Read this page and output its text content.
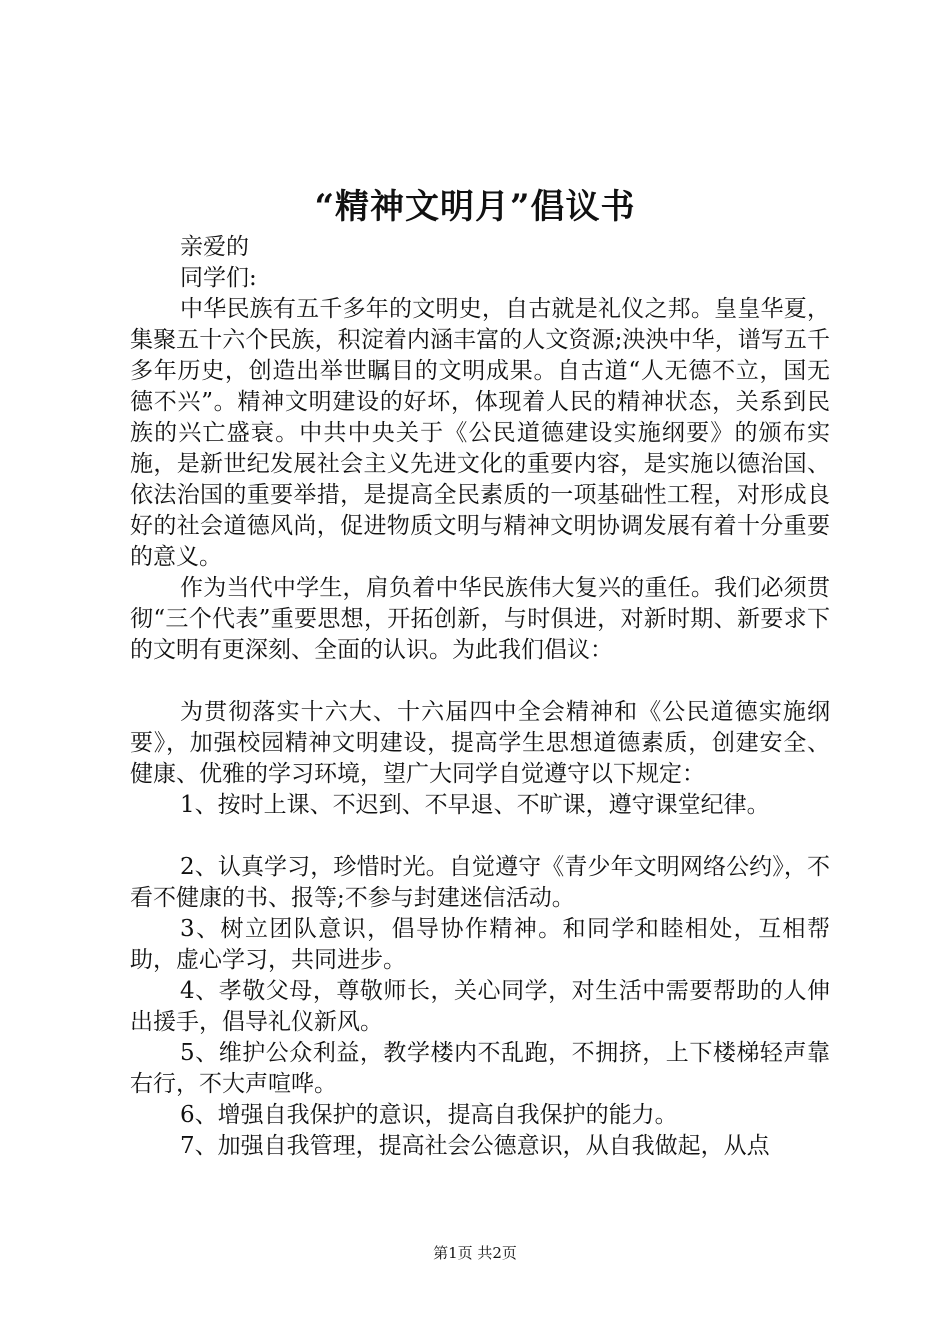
“精神文明月”倡议书

亲爱的

同学们:

中华民族有五千多年的文明史，自古就是礼仪之邦。皇皇华夏，集聚五十六个民族，积淀着内涵丰富的人文资源;泱泱中华，谱写五千多年历史，创造出举世瞩目的文明成果。自古道“人无德不立，国无德不兴”。精神文明建设的好坏，体现着人民的精神状态，关系到民族的兴亡盛衰。中共中央关于《公民道德建设实施纲要》的颁布实施，是新世纪发展社会主义先进文化的重要内容，是实施以德治国、依法治国的重要举措，是提高全民素质的一项基础性工程，对形成良好的社会道德风尚，促进物质文明与精神文明协调发展有着十分重要的意义。

作为当代中学生，肩负着中华民族伟大复兴的重任。我们必须贯彻“三个代表”重要思想，开拓创新，与时俱进，对新时期、新要求下的文明有更深刻、全面的认识。为此我们倡议：

为贯彻落实十六大、十六届四中全会精神和《公民道德实施纲要》，加强校园精神文明建设，提高学生思想道德素质，创建安全、健康、优雅的学习环境，望广大同学自觉遵守以下规定：

1、按时上课、不迟到、不早退、不旷课，遵守课堂纪律。

2、认真学习，珍惜时光。自觉遵守《青少年文明网络公约》，不看不健康的书、报等;不参与封建迷信活动。

3、树立团队意识，倡导协作精神。和同学和睦相处，互相帮助，虚心学习，共同进步。

4、孝敬父母，尊敬师长，关心同学，对生活中需要帮助的人伸出援手，倡导礼仪新风。

5、维护公众利益，教学楼内不乱跑，不拥挤，上下楼梯轻声靠右行，不大声喧哗。

6、增强自我保护的意识，提高自我保护的能力。

7、加强自我管理，提高社会公德意识，从自我做起，从点

第1页 共2页
